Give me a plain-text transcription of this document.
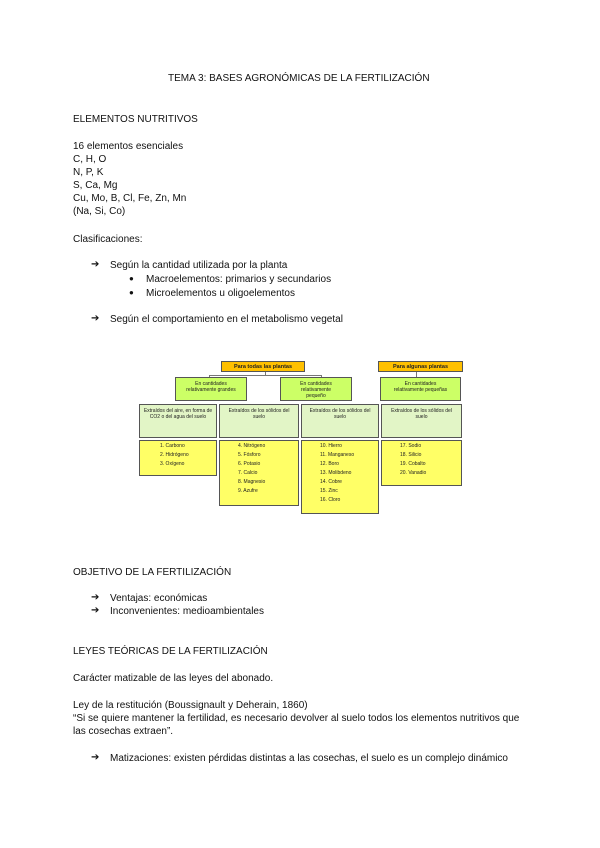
TEMA 3: BASES AGRONÓMICAS DE LA FERTILIZACIÓN
ELEMENTOS NUTRITIVOS
16 elementos esenciales
C, H, O
N, P, K
S, Ca, Mg
Cu, Mo, B, Cl, Fe, Zn, Mn
(Na, Si, Co)
Clasificaciones:
➔ Según la cantidad utilizada por la planta
● Macroelementos: primarios y secundarios
● Microelementos u oligoelementos
➔ Según el comportamiento en el metabolismo vegetal
Para todas las plantas	Para algunas plantas
En cantidades relativamente grandes
En cantidades relativamente pequeño
En cantidades relativamente pequeñas
Extraídos del aire, en forma de CO2 o del agua del suelo
Extraídos de los sólidos del suelo
Extraídos de los sólidos del suelo
Extraídos de los sólidos del suelo
1. Carbono
2. Hidrógeno
3. Oxígeno
4. Nitrógeno
5. Fósforo
6. Potasio
7. Calcio
8. Magnesio
9. Azufre
10. Hierro
11. Manganeso
12. Boro
13. Molibdeno
14. Cobre
15. Zinc
16. Cloro
17. Sodio
18. Silicio
19. Cobalto
20. Vanadio
OBJETIVO DE LA FERTILIZACIÓN
➔ Ventajas: económicas
➔ Inconvenientes: medioambientales
LEYES TEÓRICAS DE LA FERTILIZACIÓN
Carácter matizable de las leyes del abonado.
Ley de la restitución (Boussignault y Deherain, 1860)
“Si se quiere mantener la fertilidad, es necesario devolver al suelo todos los elementos nutritivos que
las cosechas extraen”.
➔ Matizaciones: existen pérdidas distintas a las cosechas, el suelo es un complejo dinámico
